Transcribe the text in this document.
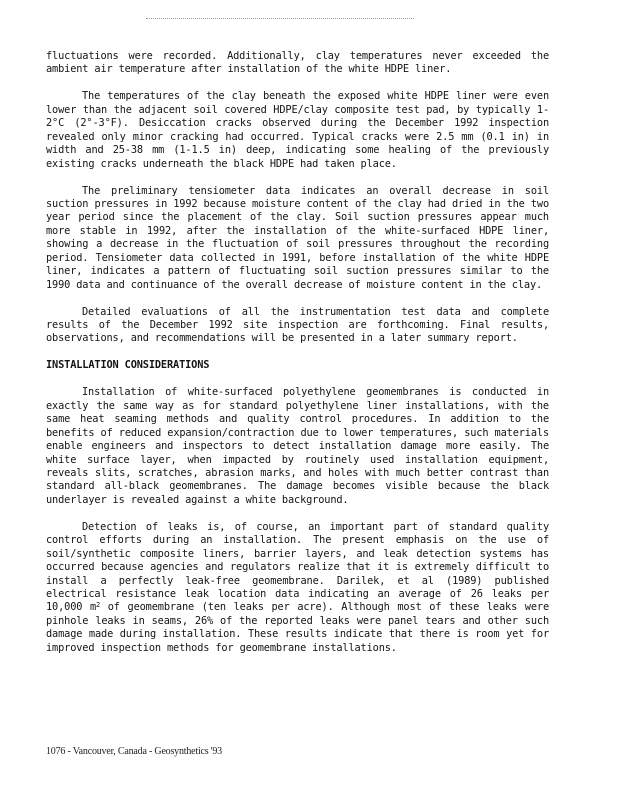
fluctuations were recorded. Additionally, clay temperatures never exceeded the ambient air temperature after installation of the white HDPE liner.

The temperatures of the clay beneath the exposed white HDPE liner were even lower than the adjacent soil covered HDPE/clay composite test pad, by typically 1-2°C (2°-3°F). Desiccation cracks observed during the December 1992 inspection revealed only minor cracking had occurred. Typical cracks were 2.5 mm (0.1 in) in width and 25-38 mm (1-1.5 in) deep, indicating some healing of the previously existing cracks underneath the black HDPE had taken place.

The preliminary tensiometer data indicates an overall decrease in soil suction pressures in 1992 because moisture content of the clay had dried in the two year period since the placement of the clay. Soil suction pressures appear much more stable in 1992, after the installation of the white-surfaced HDPE liner, showing a decrease in the fluctuation of soil pressures throughout the recording period. Tensiometer data collected in 1991, before installation of the white HDPE liner, indicates a pattern of fluctuating soil suction pressures similar to the 1990 data and continuance of the overall decrease of moisture content in the clay.

Detailed evaluations of all the instrumentation test data and complete results of the December 1992 site inspection are forthcoming. Final results, observations, and recommendations will be presented in a later summary report.

INSTALLATION CONSIDERATIONS

Installation of white-surfaced polyethylene geomembranes is conducted in exactly the same way as for standard polyethylene liner installations, with the same heat seaming methods and quality control procedures. In addition to the benefits of reduced expansion/contraction due to lower temperatures, such materials enable engineers and inspectors to detect installation damage more easily. The white surface layer, when impacted by routinely used installation equipment, reveals slits, scratches, abrasion marks, and holes with much better contrast than standard all-black geomembranes. The damage becomes visible because the black underlayer is revealed against a white background.

Detection of leaks is, of course, an important part of standard quality control efforts during an installation. The present emphasis on the use of soil/synthetic composite liners, barrier layers, and leak detection systems has occurred because agencies and regulators realize that it is extremely difficult to install a perfectly leak-free geomembrane. Darilek, et al (1989) published electrical resistance leak location data indicating an average of 26 leaks per 10,000 $m^2$ of geomembrane (ten leaks per acre). Although most of these leaks were pinhole leaks in seams, 26% of the reported leaks were panel tears and other such damage made during installation. These results indicate that there is room yet for improved inspection methods for geomembrane installations.

1076 - Vancouver, Canada - Geosynthetics '93
